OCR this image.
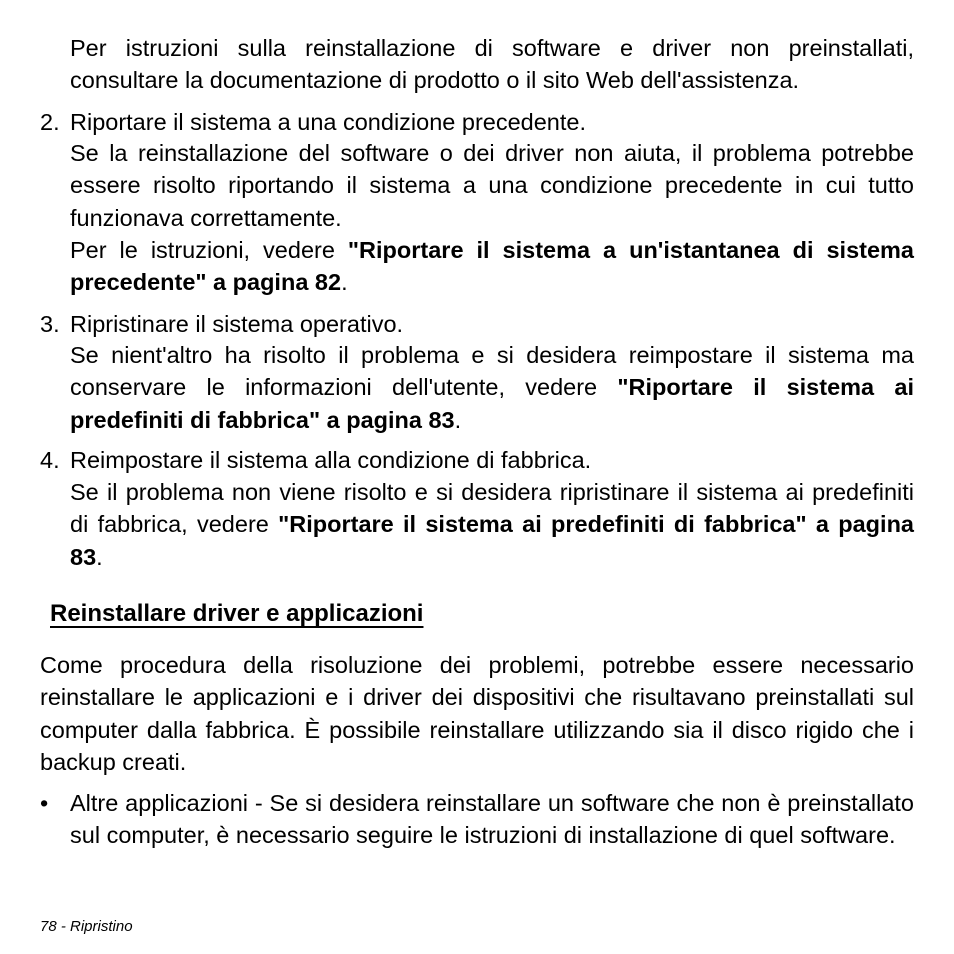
Per istruzioni sulla reinstallazione di software e driver non preinstallati, consultare la documentazione di prodotto o il sito Web dell'assistenza.

2. Riportare il sistema a una condizione precedente.

Se la reinstallazione del software o dei driver non aiuta, il problema potrebbe essere risolto riportando il sistema a una condizione precedente in cui tutto funzionava correttamente.

Per le istruzioni, vedere "Riportare il sistema a un'istantanea di sistema precedente" a pagina 82.

3. Ripristinare il sistema operativo.

Se nient'altro ha risolto il problema e si desidera reimpostare il sistema ma conservare le informazioni dell'utente, vedere "Riportare il sistema ai predefiniti di fabbrica" a pagina 83.

4. Reimpostare il sistema alla condizione di fabbrica.

Se il problema non viene risolto e si desidera ripristinare il sistema ai predefiniti di fabbrica, vedere "Riportare il sistema ai predefiniti di fabbrica" a pagina 83.

Reinstallare driver e applicazioni

Come procedura della risoluzione dei problemi, potrebbe essere necessario reinstallare le applicazioni e i driver dei dispositivi che risultavano preinstallati sul computer dalla fabbrica. È possibile reinstallare utilizzando sia il disco rigido che i backup creati.

• Altre applicazioni - Se si desidera reinstallare un software che non è preinstallato sul computer, è necessario seguire le istruzioni di installazione di quel software.

78 - Ripristino
